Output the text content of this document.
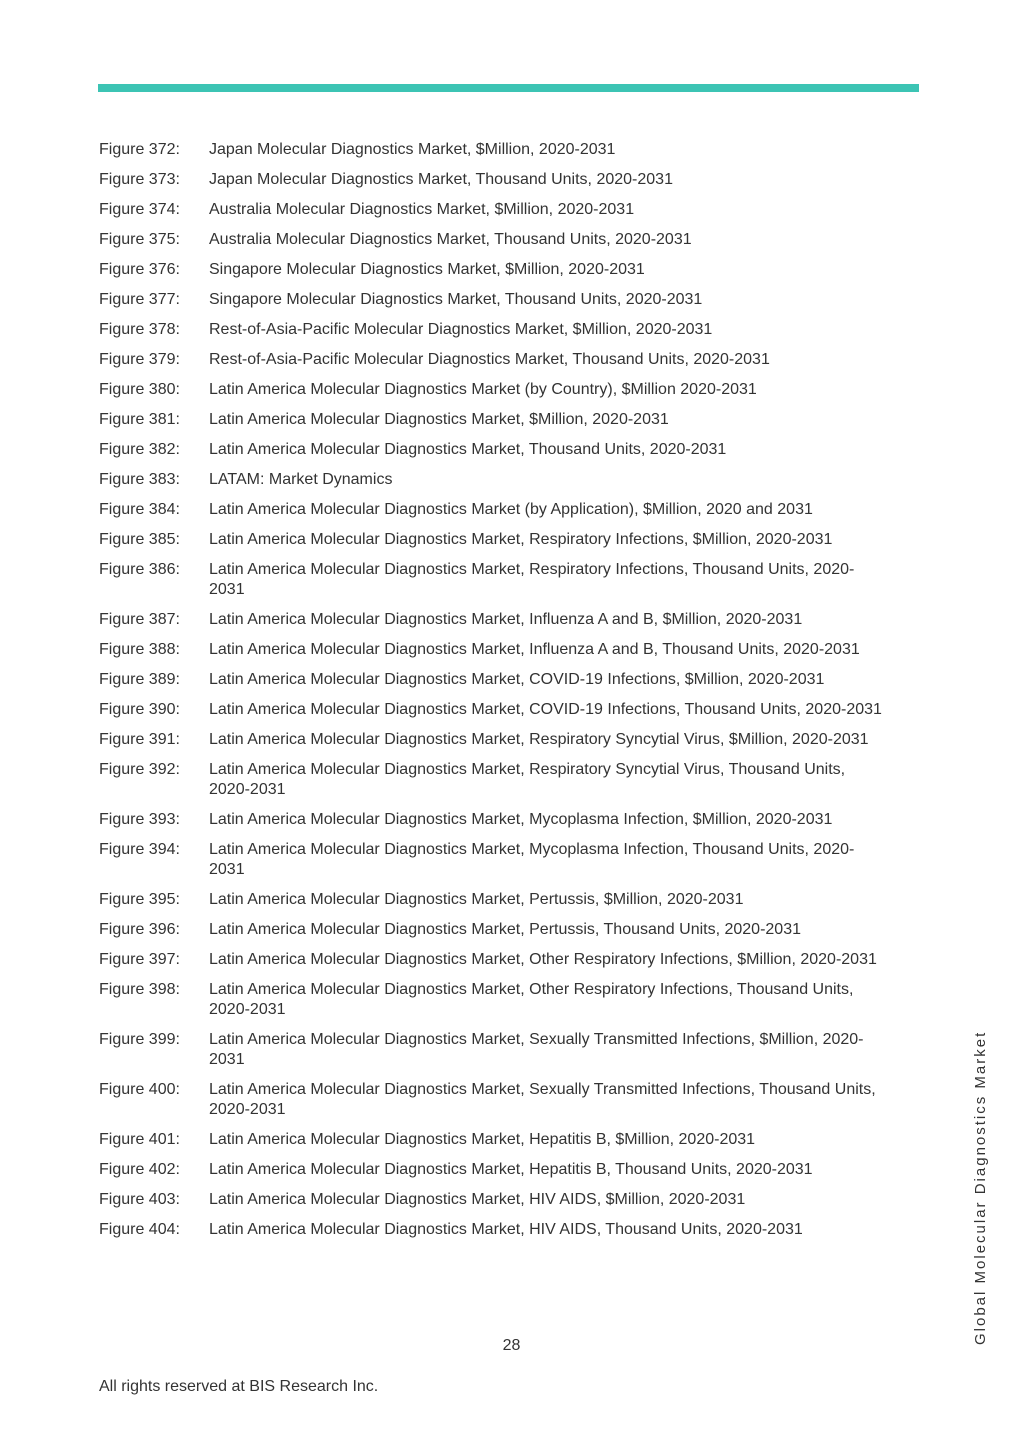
Figure 372:	Japan Molecular Diagnostics Market, $Million, 2020-2031
Figure 373:	Japan Molecular Diagnostics Market, Thousand Units, 2020-2031
Figure 374:	Australia Molecular Diagnostics Market, $Million, 2020-2031
Figure 375:	Australia Molecular Diagnostics Market, Thousand Units, 2020-2031
Figure 376:	Singapore Molecular Diagnostics Market, $Million, 2020-2031
Figure 377:	Singapore Molecular Diagnostics Market, Thousand Units, 2020-2031
Figure 378:	Rest-of-Asia-Pacific Molecular Diagnostics Market, $Million, 2020-2031
Figure 379:	Rest-of-Asia-Pacific Molecular Diagnostics Market, Thousand Units, 2020-2031
Figure 380:	Latin America Molecular Diagnostics Market (by Country), $Million 2020-2031
Figure 381:	Latin America Molecular Diagnostics Market, $Million, 2020-2031
Figure 382:	Latin America Molecular Diagnostics Market, Thousand Units, 2020-2031
Figure 383:	LATAM: Market Dynamics
Figure 384:	Latin America Molecular Diagnostics Market (by Application), $Million, 2020 and 2031
Figure 385:	Latin America Molecular Diagnostics Market, Respiratory Infections, $Million, 2020-2031
Figure 386:	Latin America Molecular Diagnostics Market, Respiratory Infections, Thousand Units, 2020-2031
Figure 387:	Latin America Molecular Diagnostics Market, Influenza A and B, $Million, 2020-2031
Figure 388:	Latin America Molecular Diagnostics Market, Influenza A and B, Thousand Units, 2020-2031
Figure 389:	Latin America Molecular Diagnostics Market, COVID-19 Infections, $Million, 2020-2031
Figure 390:	Latin America Molecular Diagnostics Market, COVID-19 Infections, Thousand Units, 2020-2031
Figure 391:	Latin America Molecular Diagnostics Market, Respiratory Syncytial Virus, $Million, 2020-2031
Figure 392:	Latin America Molecular Diagnostics Market, Respiratory Syncytial Virus, Thousand Units, 2020-2031
Figure 393:	Latin America Molecular Diagnostics Market, Mycoplasma Infection, $Million, 2020-2031
Figure 394:	Latin America Molecular Diagnostics Market, Mycoplasma Infection, Thousand Units, 2020-2031
Figure 395:	Latin America Molecular Diagnostics Market, Pertussis, $Million, 2020-2031
Figure 396:	Latin America Molecular Diagnostics Market, Pertussis, Thousand Units, 2020-2031
Figure 397:	Latin America Molecular Diagnostics Market, Other Respiratory Infections, $Million, 2020-2031
Figure 398:	Latin America Molecular Diagnostics Market, Other Respiratory Infections, Thousand Units, 2020-2031
Figure 399:	Latin America Molecular Diagnostics Market, Sexually Transmitted Infections, $Million, 2020-2031
Figure 400:	Latin America Molecular Diagnostics Market, Sexually Transmitted Infections, Thousand Units, 2020-2031
Figure 401:	Latin America Molecular Diagnostics Market, Hepatitis B, $Million, 2020-2031
Figure 402:	Latin America Molecular Diagnostics Market, Hepatitis B, Thousand Units, 2020-2031
Figure 403:	Latin America Molecular Diagnostics Market, HIV AIDS, $Million, 2020-2031
Figure 404:	Latin America Molecular Diagnostics Market, HIV AIDS, Thousand Units, 2020-2031
28
All rights reserved at BIS Research Inc.
Global Molecular Diagnostics Market
